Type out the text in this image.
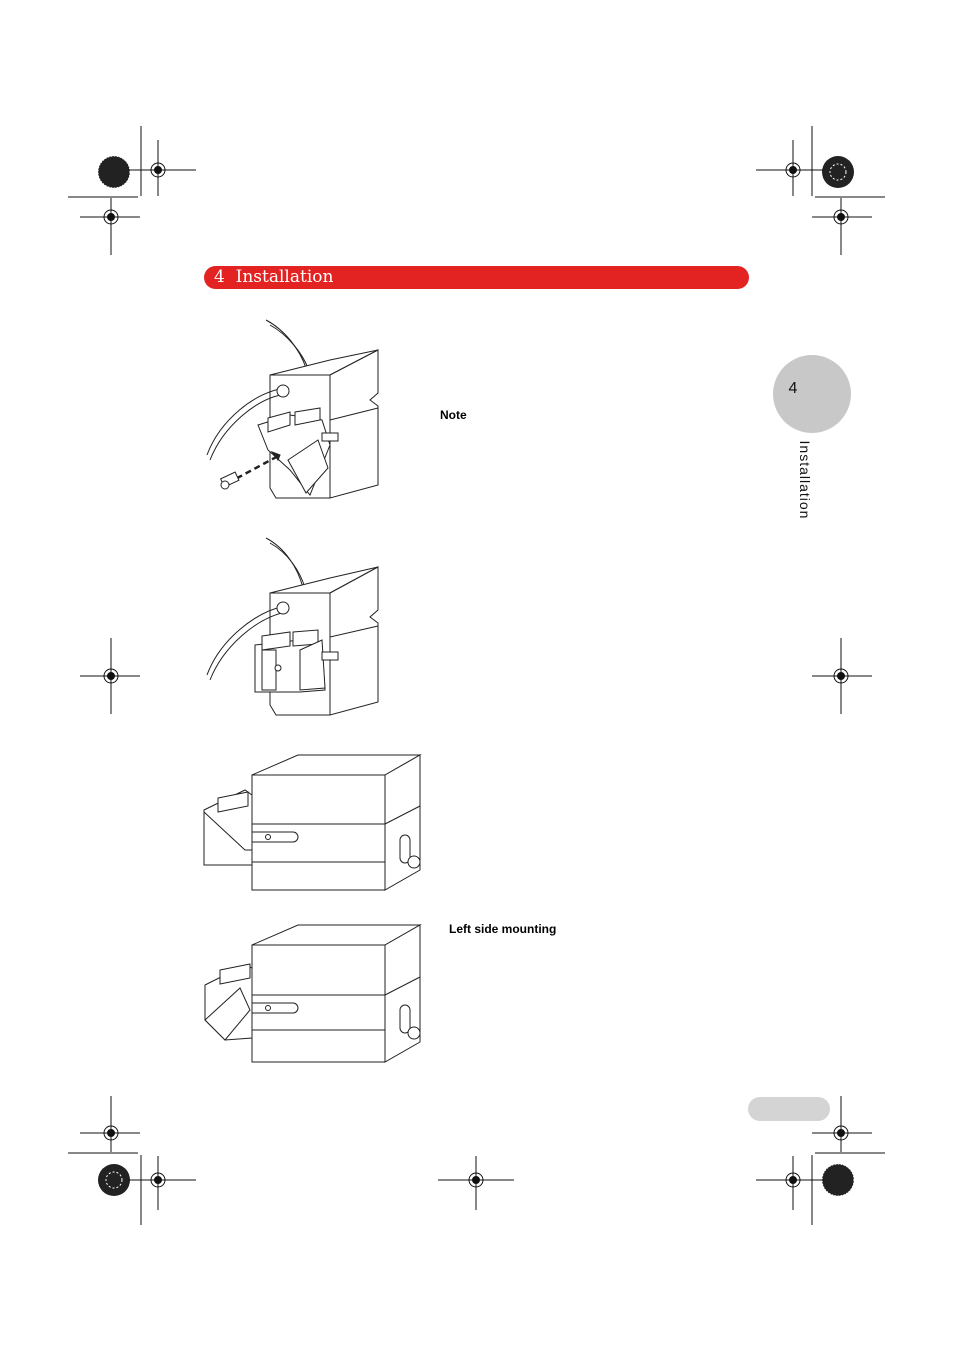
4  Installation
4
Installation
Note
Left side mounting
